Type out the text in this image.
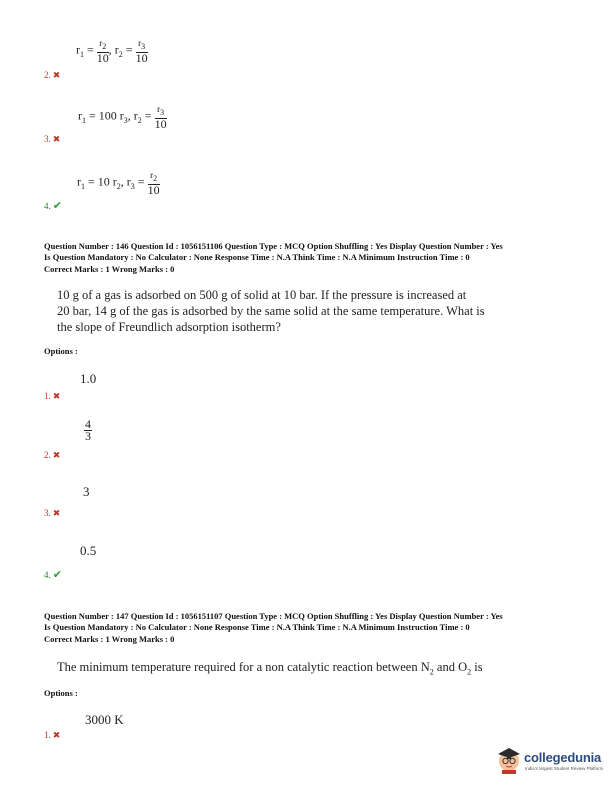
$r_1 = \frac{r_2}{10}$ , $r_2 = \frac{r_3}{10}$
2. ✖
$r_1 = 100$ $r_3$, $r_2 = \frac{r_3}{10}$
3. ✖
$r_1 = 10$ $r_2$, $r_3 = \frac{r_2}{10}$
4. ✔
Question Number : 146 Question Id : 1056151106 Question Type : MCQ Option Shuffling : Yes Display Question Number : Yes
Is Question Mandatory : No Calculator : None Response Time : N.A Think Time : N.A Minimum Instruction Time : 0
Correct Marks : 1 Wrong Marks : 0
10 g of a gas is adsorbed on 500 g of solid at 10 bar. If the pressure is increased at
20 bar, 14 g of the gas is adsorbed by the same solid at the same temperature. What is
the slope of Freundlich adsorption isotherm?
Options :
1.0
1. ✖
$\frac{4}{3}$
2. ✖
3
3. ✖
0.5
4. ✔
Question Number : 147 Question Id : 1056151107 Question Type : MCQ Option Shuffling : Yes Display Question Number : Yes
Is Question Mandatory : No Calculator : None Response Time : N.A Think Time : N.A Minimum Instruction Time : 0
Correct Marks : 1 Wrong Marks : 0
The minimum temperature required for a non catalytic reaction between $N_2$ and $O_2$ is
Options :
3000 K
1. ✖
collegedunia
India's largest Student Review Platform
